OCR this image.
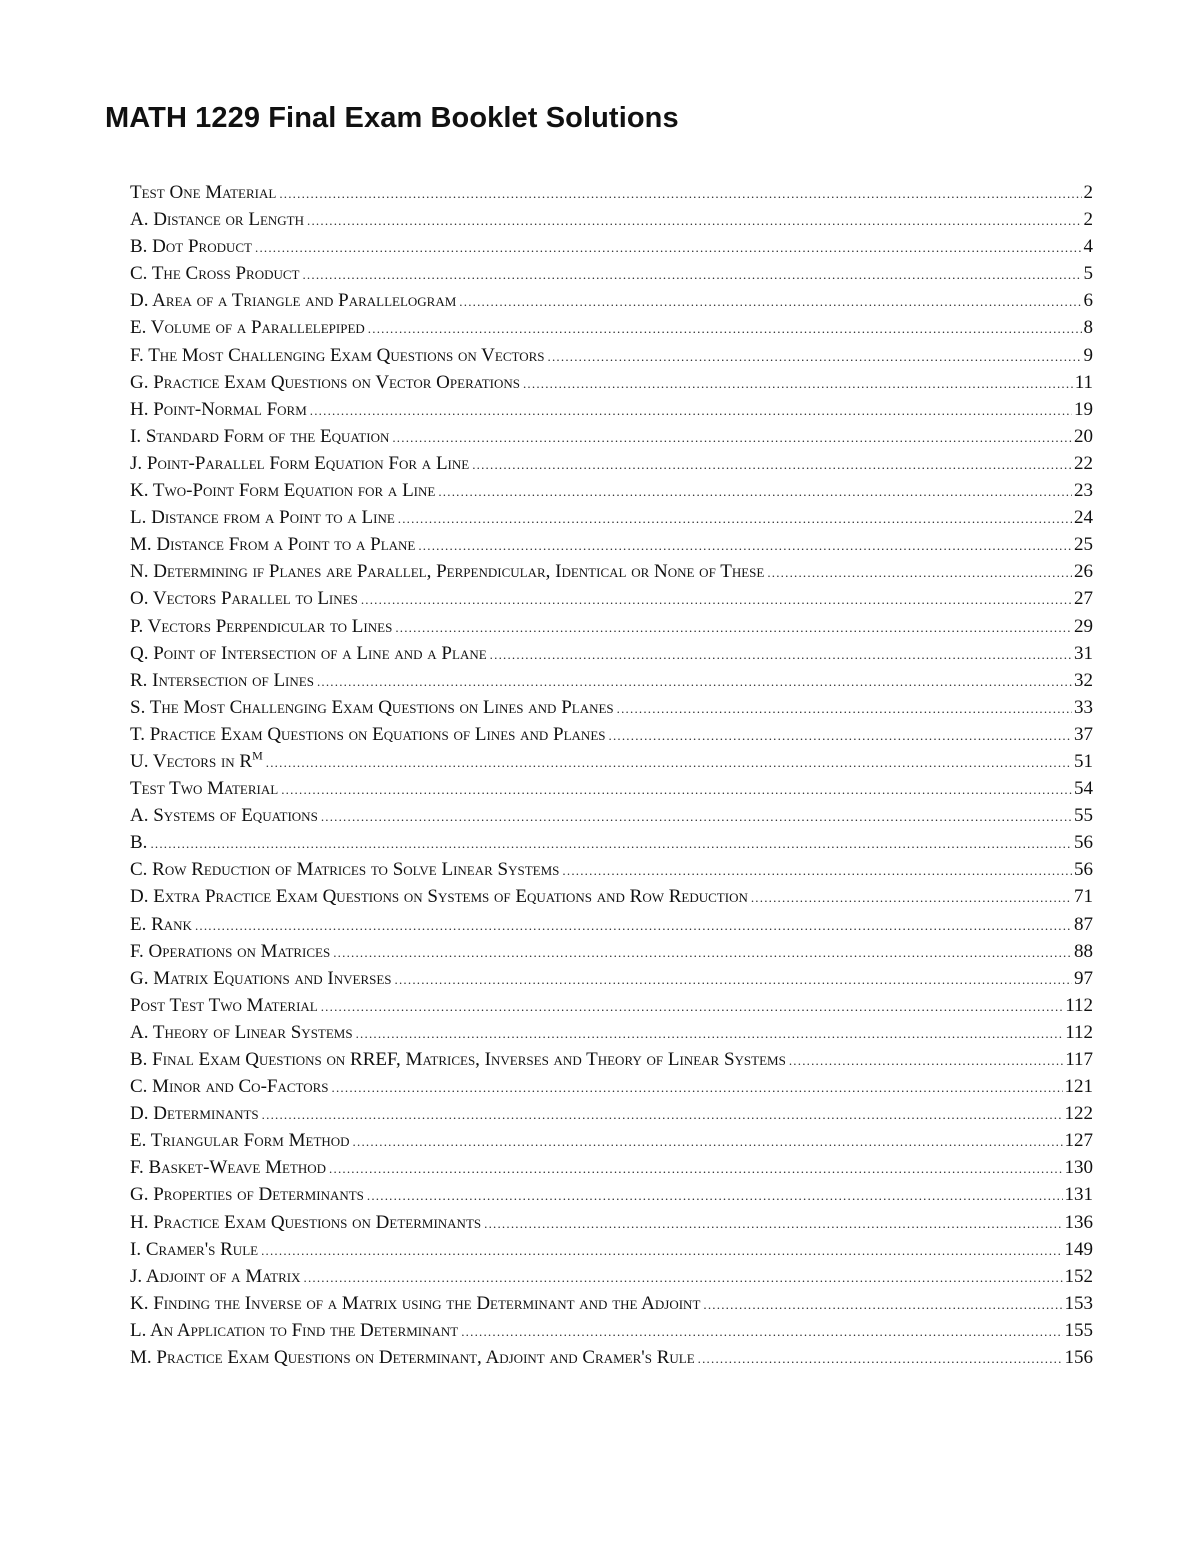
MATH 1229 Final Exam Booklet Solutions
Test One Material .....	2
A. Distance or Length .....	2
B. Dot Product .....	4
C. The Cross Product .....	5
D. Area of a Triangle and Parallelogram .....	6
E. Volume of a Parallelepiped .....	8
F. The Most Challenging Exam Questions on Vectors .....	9
G. Practice Exam Questions on Vector Operations .....	11
H. Point-Normal Form .....	19
I. Standard Form of the Equation .....	20
J. Point-Parallel Form Equation For a Line .....	22
K. Two-Point Form Equation for a Line .....	23
L. Distance from a Point to a Line .....	24
M. Distance From a Point to a Plane .....	25
N. Determining if Planes are Parallel, Perpendicular, Identical or None of These .....	26
O. Vectors Parallel to Lines .....	27
P. Vectors Perpendicular to Lines .....	29
Q. Point of Intersection of a Line and a Plane .....	31
R. Intersection of Lines .....	32
S. The Most Challenging Exam Questions on Lines and Planes .....	33
T. Practice Exam Questions on Equations of Lines and Planes .....	37
U. Vectors in $R^M$ .....	51
Test Two Material .....	54
A. Systems of Equations .....	55
B. .....	56
C. Row Reduction of Matrices to Solve Linear Systems .....	56
D. Extra Practice Exam Questions on Systems of Equations and Row Reduction .....	71
E. Rank .....	87
F. Operations on Matrices .....	88
G. Matrix Equations and Inverses .....	97
Post Test Two Material .....	112
A. Theory of Linear Systems .....	112
B. Final Exam Questions on RREF, Matrices, Inverses and Theory of Linear Systems .....	117
C. Minor and Co-Factors .....	121
D. Determinants .....	122
E. Triangular Form Method .....	127
F. Basket-Weave Method .....	130
G. Properties of Determinants .....	131
H. Practice Exam Questions on Determinants .....	136
I. Cramer's Rule .....	149
J. Adjoint of a Matrix .....	152
K. Finding the Inverse of a Matrix using the Determinant and the Adjoint .....	153
L. An Application to Find the Determinant .....	155
M. Practice Exam Questions on Determinant, Adjoint and Cramer's Rule .....	156
